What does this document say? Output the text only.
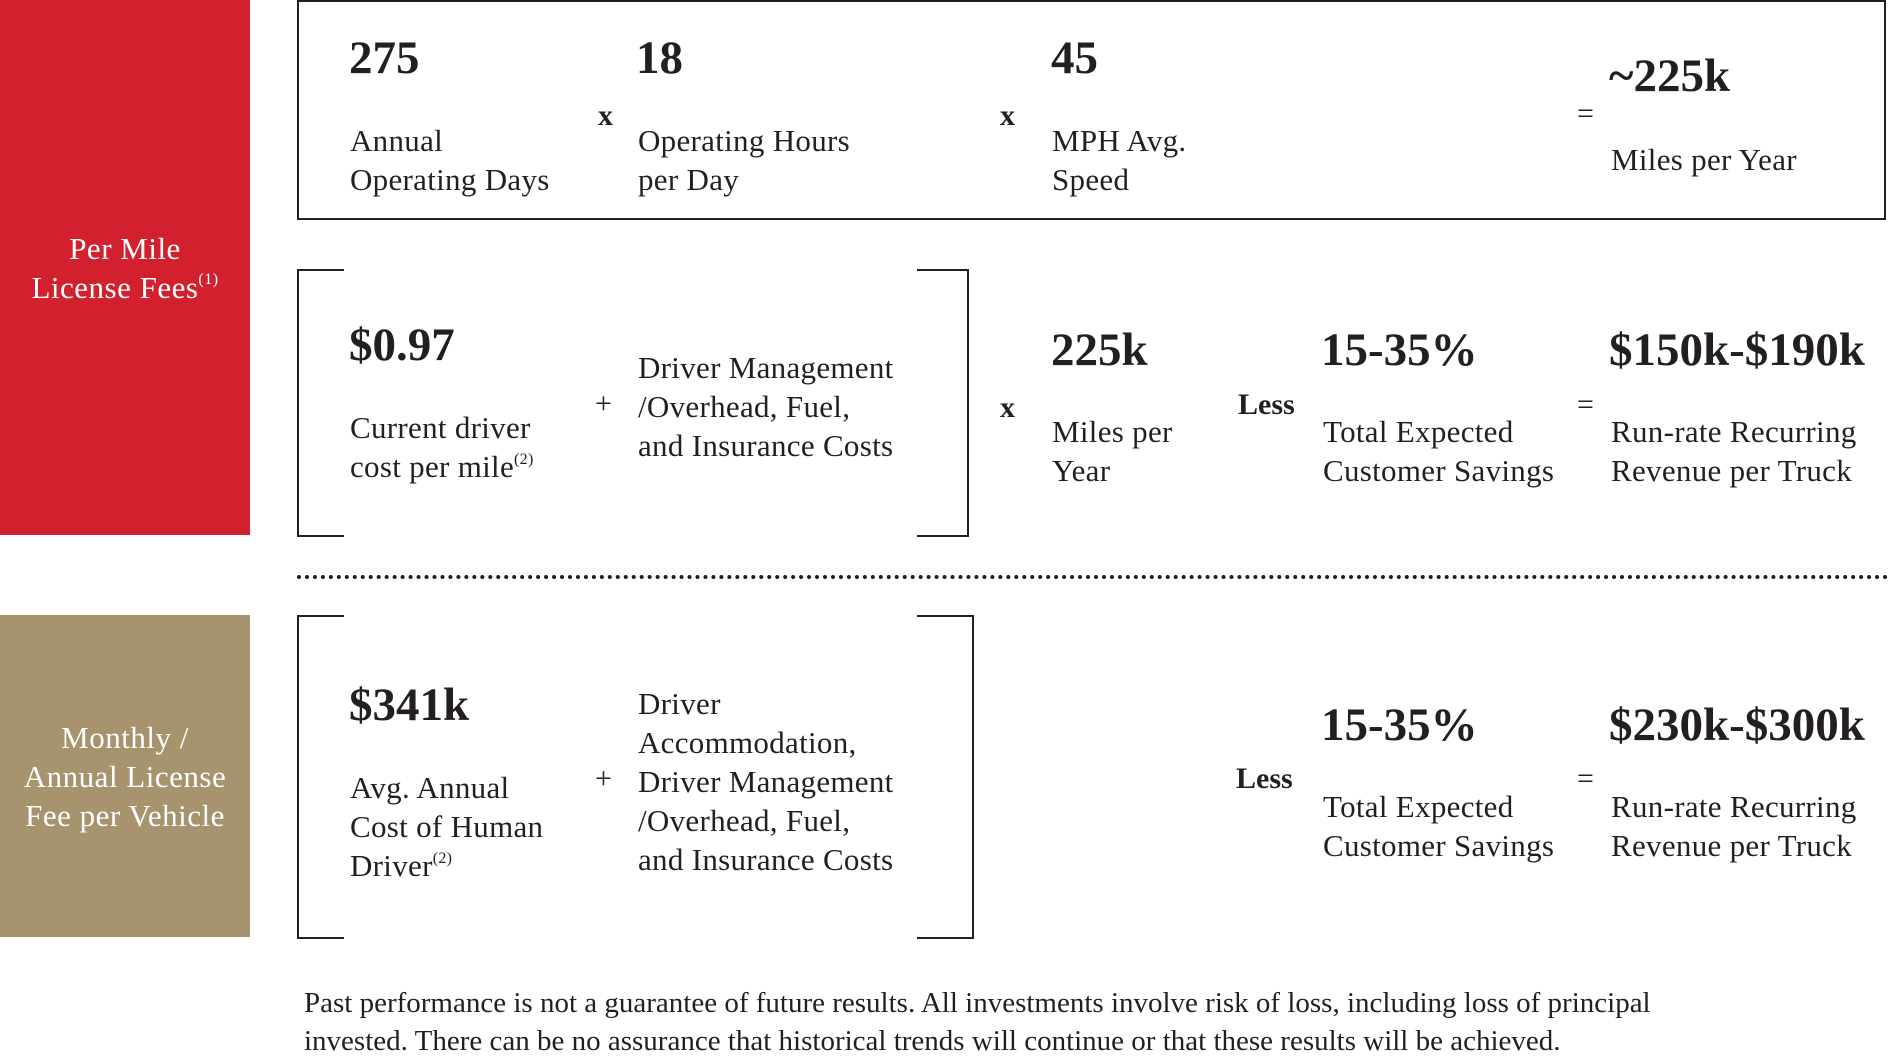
Per Mile
License Fees$^{(1)}$
Monthly /
Annual License
Fee per Vehicle
275
Annual
Operating Days
x
18
Operating Hours
per Day
x
45
MPH Avg.
Speed
=
~225k
Miles per Year
$0.97
Current driver
cost per mile$^{(2)}$
+
Driver Management
/Overhead, Fuel,
and Insurance Costs
x
225k
Miles per
Year
Less
15-35%
Total Expected
Customer Savings
=
$150k-$190k
Run-rate Recurring
Revenue per Truck
$341k
Avg. Annual
Cost of Human
Driver$^{(2)}$
+
Driver
Accommodation,
Driver Management
/Overhead, Fuel,
and Insurance Costs
Less
15-35%
Total Expected
Customer Savings
=
$230k-$300k
Run-rate Recurring
Revenue per Truck
Past performance is not a guarantee of future results. All investments involve risk of loss, including loss of principal
invested. There can be no assurance that historical trends will continue or that these results will be achieved.
